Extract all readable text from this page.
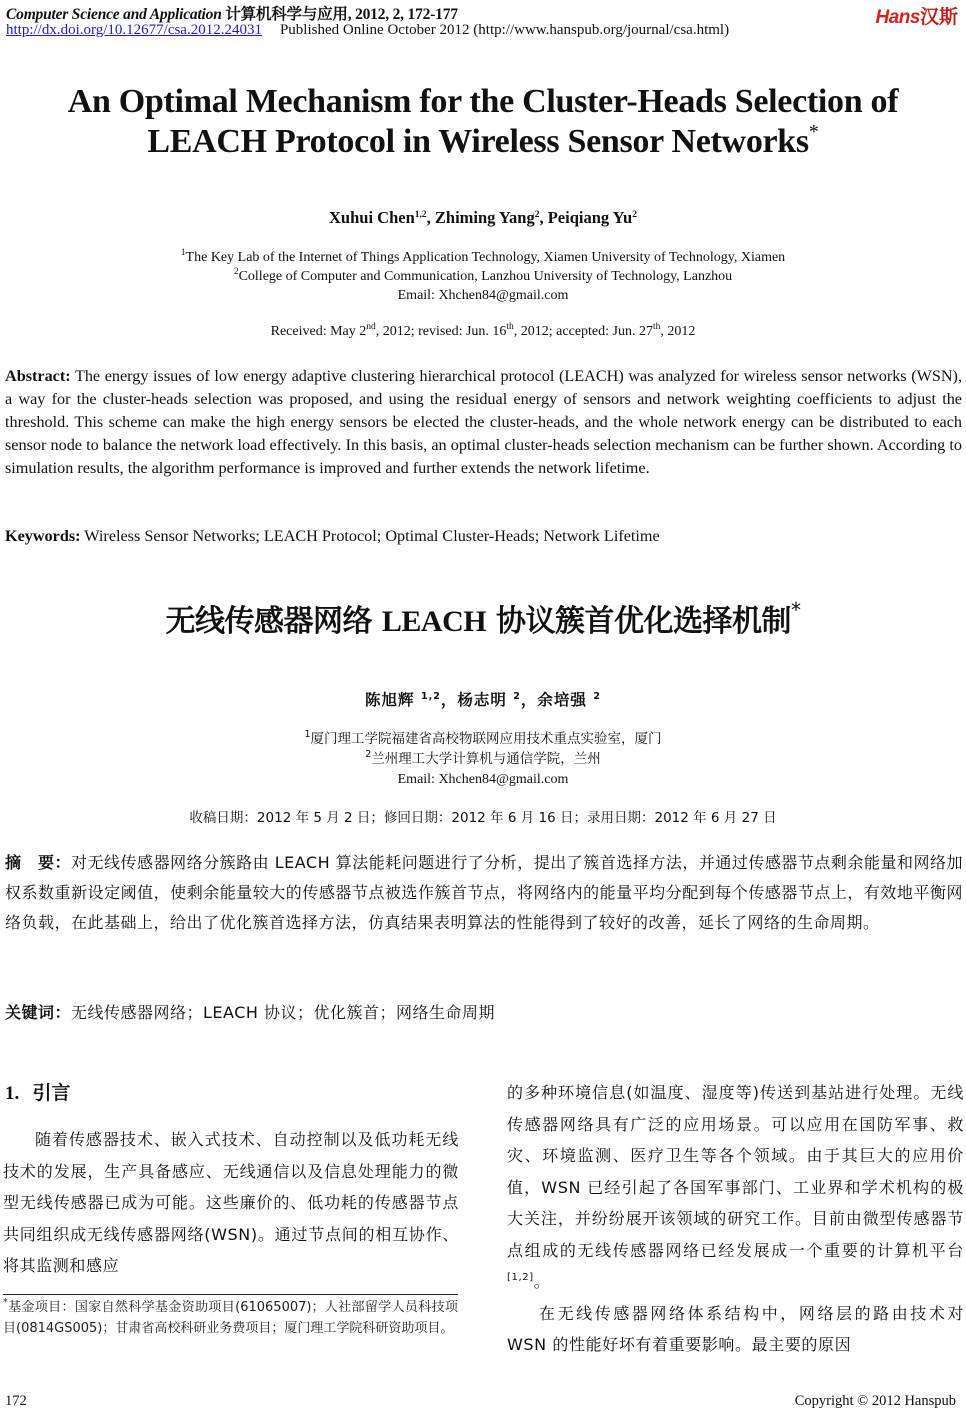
Computer Science and Application 计算机科学与应用, 2012, 2, 172-177
http://dx.doi.org/10.12677/csa.2012.24031 Published Online October 2012 (http://www.hanspub.org/journal/csa.html)
Hans汉斯
An Optimal Mechanism for the Cluster-Heads Selection of
LEACH Protocol in Wireless Sensor Networks*
Xuhui Chen$^{1,2}$, Zhiming Yang$^2$, Peiqiang Yu$^2$
$^1$The Key Lab of the Internet of Things Application Technology, Xiamen University of Technology, Xiamen
$^2$College of Computer and Communication, Lanzhou University of Technology, Lanzhou
Email: Xhchen84@gmail.com
Received: May 2nd, 2012; revised: Jun. 16th, 2012; accepted: Jun. 27th, 2012
Abstract: The energy issues of low energy adaptive clustering hierarchical protocol (LEACH) was analyzed for wireless sensor networks (WSN), a way for the cluster-heads selection was proposed, and using the residual energy of sensors and network weighting coefficients to adjust the threshold. This scheme can make the high energy sensors be elected the cluster-heads, and the whole network energy can be distributed to each sensor node to balance the network load effectively. In this basis, an optimal cluster-heads selection mechanism can be further shown. According to simulation results, the algorithm performance is improved and further extends the network lifetime.
Keywords: Wireless Sensor Networks; LEACH Protocol; Optimal Cluster-Heads; Network Lifetime
无线传感器网络 LEACH 协议簇首优化选择机制*
陈旭辉 $^{1,2}$，杨志明 $^2$，余培强 $^2$
$^1$厦门理工学院福建省高校物联网应用技术重点实验室，厦门
$^2$兰州理工大学计算机与通信学院，兰州
Email: Xhchen84@gmail.com
收稿日期：2012 年 5 月 2 日；修回日期：2012 年 6 月 16 日；录用日期：2012 年 6 月 27 日
摘　要：对无线传感器网络分簇路由 LEACH 算法能耗问题进行了分析，提出了簇首选择方法，并通过传感器节点剩余能量和网络加权系数重新设定阈值，使剩余能量较大的传感器节点被选作簇首节点，将网络内的能量平均分配到每个传感器节点上，有效地平衡网络负载，在此基础上，给出了优化簇首选择方法，仿真结果表明算法的性能得到了较好的改善，延长了网络的生命周期。
关键词：无线传感器网络；LEACH 协议；优化簇首；网络生命周期
1. 引言
随着传感器技术、嵌入式技术、自动控制以及低功耗无线技术的发展，生产具备感应、无线通信以及信息处理能力的微型无线传感器已成为可能。这些廉价的、低功耗的传感器节点共同组织成无线传感器网络(WSN)。通过节点间的相互协作、将其监测和感应
*基金项目：国家自然科学基金资助项目(61065007)；人社部留学人员科技项目(0814GS005)；甘肃省高校科研业务费项目；厦门理工学院科研资助项目。
的多种环境信息(如温度、湿度等)传送到基站进行处理。无线传感器网络具有广泛的应用场景。可以应用在国防军事、救灾、环境监测、医疗卫生等各个领域。由于其巨大的应用价值，WSN 已经引起了各国军事部门、工业界和学术机构的极大关注，并纷纷展开该领域的研究工作。目前由微型传感器节点组成的无线传感器网络已经发展成一个重要的计算机平台[1,2]。
在无线传感器网络体系结构中，网络层的路由技术对 WSN 的性能好坏有着重要影响。最主要的原因
172	Copyright © 2012 Hanspub
